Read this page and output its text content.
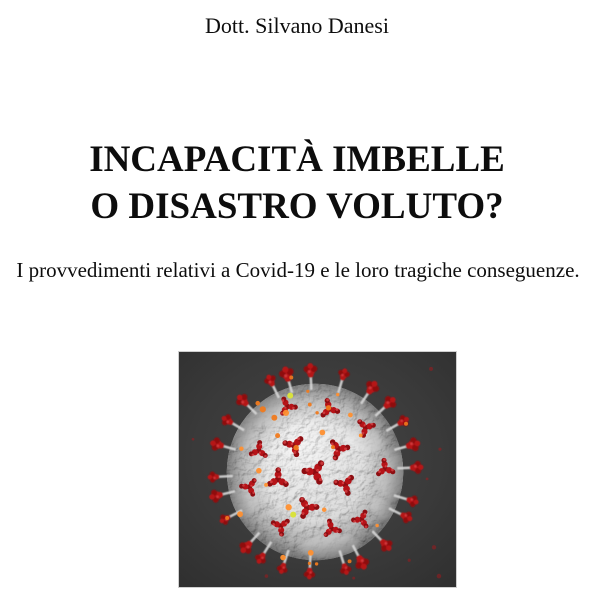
Dott. Silvano Danesi
INCAPACITÀ IMBELLE
O DISASTRO VOLUTO?
I provvedimenti relativi a Covid-19 e le loro tragiche conseguenze.
